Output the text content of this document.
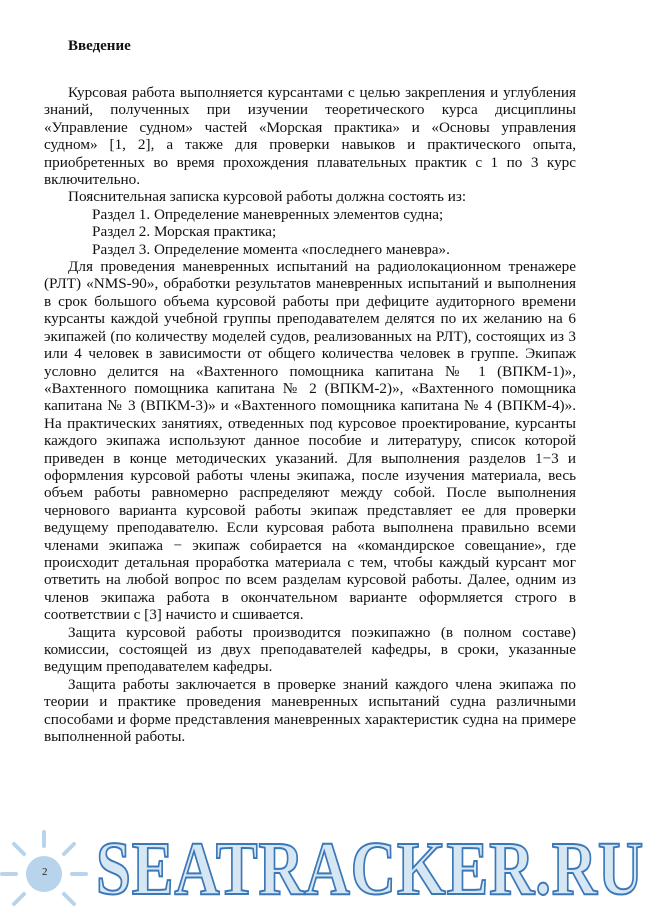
Введение

Курсовая работа выполняется курсантами с целью закрепления и углубления знаний, полученных при изучении теоретического курса дисциплины «Управление судном» частей «Морская практика» и «Основы управления судном» [1, 2], а также для проверки навыков и практического опыта, приобретенных во время прохождения плавательных практик с 1 по 3 курс включительно.

Пояснительная записка курсовой работы должна состоять из:

Раздел 1. Определение маневренных элементов судна;

Раздел 2. Морская практика;

Раздел 3. Определение момента «последнего маневра».

Для проведения маневренных испытаний на радиолокационном тренажере (РЛТ) «NMS-90», обработки результатов маневренных испытаний и выполнения в срок большого объема курсовой работы при дефиците аудиторного времени курсанты каждой учебной группы преподавателем делятся по их желанию на 6 экипажей (по количеству моделей судов, реализованных на РЛТ), состоящих из 3 или 4 человек в зависимости от общего количества человек в группе. Экипаж условно делится на «Вахтенного помощника капитана № 1 (ВПКМ-1)», «Вахтенного помощника капитана № 2 (ВПКМ-2)», «Вахтенного помощника капитана № 3 (ВПКМ-3)» и «Вахтенного помощника капитана № 4 (ВПКМ-4)». На практических занятиях, отведенных под курсовое проектирование, курсанты каждого экипажа используют данное пособие и литературу, список которой приведен в конце методических указаний. Для выполнения разделов 1−3 и оформления курсовой работы члены экипажа, после изучения материала, весь объем работы равномерно распределяют между собой. После выполнения чернового варианта курсовой работы экипаж представляет ее для проверки ведущему преподавателю. Если курсовая работа выполнена правильно всеми членами экипажа − экипаж собирается на «командирское совещание», где происходит детальная проработка материала с тем, чтобы каждый курсант мог ответить на любой вопрос по всем разделам курсовой работы. Далее, одним из членов экипажа работа в окончательном варианте оформляется строго в соответствии с [3] начисто и сшивается.

Защита курсовой работы производится поэкипажно (в полном составе) комиссии, состоящей из двух преподавателей кафедры, в сроки, указанные ведущим преподавателем кафедры.

Защита работы заключается в проверке знаний каждого члена экипажа по теории и практике проведения маневренных испытаний судна различными способами и форме представления маневренных характеристик судна на примере выполненной работы.

SEATRACKER.RU
2
